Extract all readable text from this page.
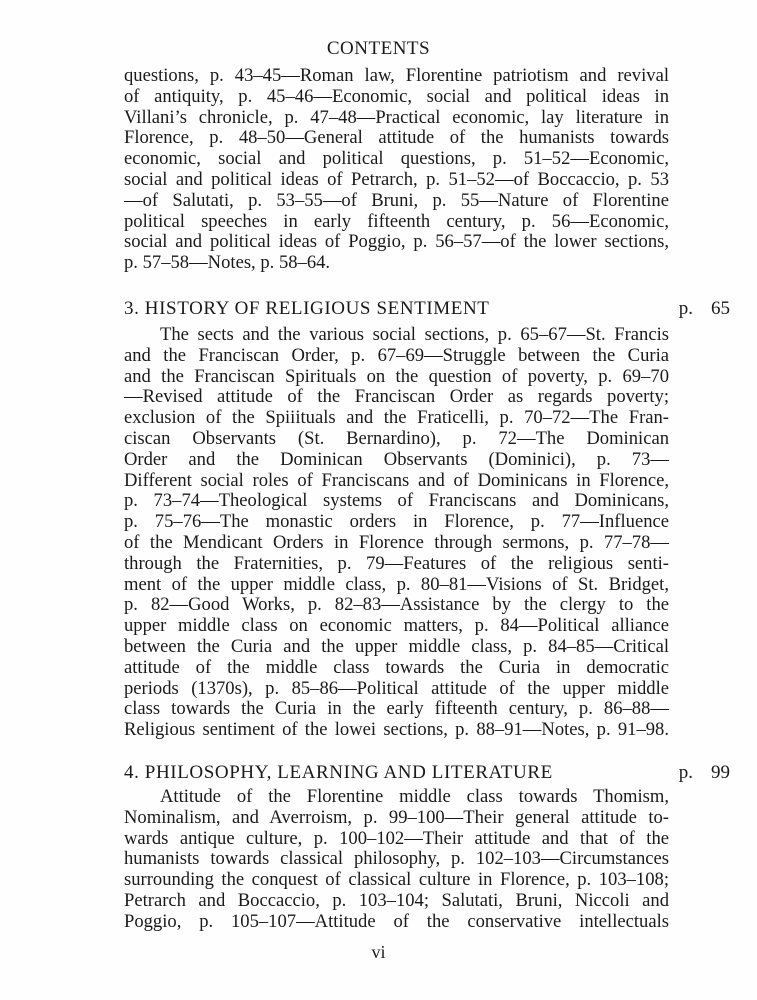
CONTENTS
questions, p. 43–45—Roman law, Florentine patriotism and revival
of antiquity, p. 45–46—Economic, social and political ideas in
Villani’s chronicle, p. 47–48—Practical economic, lay literature in
Florence, p. 48–50—General attitude of the humanists towards
economic, social and political questions, p. 51–52—Economic,
social and political ideas of Petrarch, p. 51–52—of Boccaccio, p. 53
—of Salutati, p. 53–55—of Bruni, p. 55—Nature of Florentine
political speeches in early fifteenth century, p. 56—Economic,
social and political ideas of Poggio, p. 56–57—of the lower sections,
p. 57–58—Notes, p. 58–64.
3. HISTORY OF RELIGIOUS SENTIMENT	p. 65
The sects and the various social sections, p. 65–67—St. Francis
and the Franciscan Order, p. 67–69—Struggle between the Curia
and the Franciscan Spirituals on the question of poverty, p. 69–70
—Revised attitude of the Franciscan Order as regards poverty;
exclusion of the Spiiituals and the Fraticelli, p. 70–72—The Fran-
ciscan Observants (St. Bernardino), p. 72—The Dominican
Order and the Dominican Observants (Dominici), p. 73—
Different social roles of Franciscans and of Dominicans in Florence,
p. 73–74—Theological systems of Franciscans and Dominicans,
p. 75–76—The monastic orders in Florence, p. 77—Influence
of the Mendicant Orders in Florence through sermons, p. 77–78—
through the Fraternities, p. 79—Features of the religious senti-
ment of the upper middle class, p. 80–81—Visions of St. Bridget,
p. 82—Good Works, p. 82–83—Assistance by the clergy to the
upper middle class on economic matters, p. 84—Political alliance
between the Curia and the upper middle class, p. 84–85—Critical
attitude of the middle class towards the Curia in democratic
periods (1370s), p. 85–86—Political attitude of the upper middle
class towards the Curia in the early fifteenth century, p. 86–88—
Religious sentiment of the lowei sections, p. 88–91—Notes, p. 91–98.
4. PHILOSOPHY, LEARNING AND LITERATURE	p. 99
Attitude of the Florentine middle class towards Thomism,
Nominalism, and Averroism, p. 99–100—Their general attitude to-
wards antique culture, p. 100–102—Their attitude and that of the
humanists towards classical philosophy, p. 102–103—Circumstances
surrounding the conquest of classical culture in Florence, p. 103–108;
Petrarch and Boccaccio, p. 103–104; Salutati, Bruni, Niccoli and
Poggio, p. 105–107—Attitude of the conservative intellectuals
vi
